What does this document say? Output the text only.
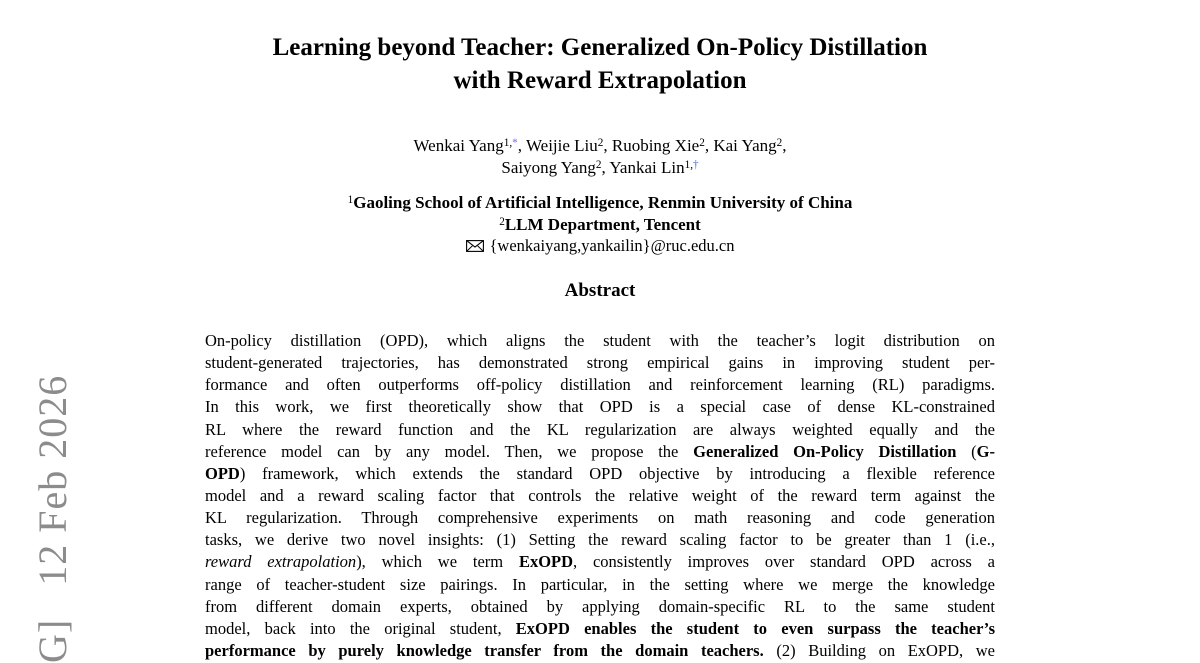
G]   12 Feb 2026
Learning beyond Teacher: Generalized On-Policy Distillation
with Reward Extrapolation
Wenkai Yang$^{1,*}$, Weijie Liu$^2$, Ruobing Xie$^2$, Kai Yang$^2$,
Saiyong Yang$^2$, Yankai Lin$^{1,\dagger}$
$^1$Gaoling School of Artificial Intelligence, Renmin University of China
$^2$LLM Department, Tencent
{wenkaiyang,yankailin}@ruc.edu.cn
Abstract
On-policy distillation (OPD), which aligns the student with the teacher’s logit distribution on
student-generated trajectories, has demonstrated strong empirical gains in improving student per-
formance and often outperforms off-policy distillation and reinforcement learning (RL) paradigms.
In this work, we first theoretically show that OPD is a special case of dense KL-constrained
RL where the reward function and the KL regularization are always weighted equally and the
reference model can by any model. Then, we propose the Generalized On-Policy Distillation (G-
OPD) framework, which extends the standard OPD objective by introducing a flexible reference
model and a reward scaling factor that controls the relative weight of the reward term against the
KL regularization. Through comprehensive experiments on math reasoning and code generation
tasks, we derive two novel insights: (1) Setting the reward scaling factor to be greater than 1 (i.e.,
reward extrapolation), which we term ExOPD, consistently improves over standard OPD across a
range of teacher-student size pairings. In particular, in the setting where we merge the knowledge
from different domain experts, obtained by applying domain-specific RL to the same student
model, back into the original student, ExOPD enables the student to even surpass the teacher’s
performance by purely knowledge transfer from the domain teachers. (2) Building on ExOPD, we
